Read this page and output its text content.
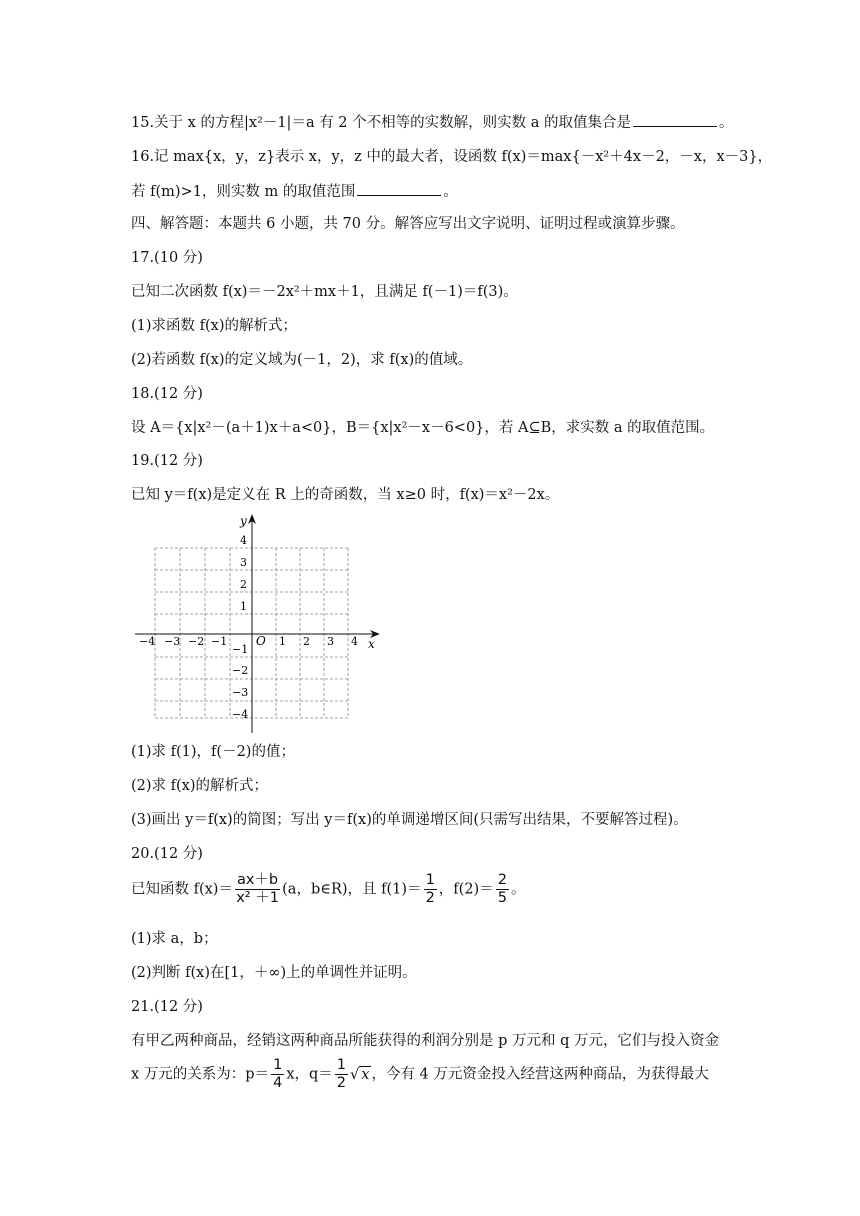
15.关于 x 的方程|x²－1|＝a 有 2 个不相等的实数解，则实数 a 的取值集合是	。
16.记 max{x，y，z}表示 x，y，z 中的最大者，设函数 f(x)＝max{－x²＋4x－2，－x，x－3}，
若 f(m)>1，则实数 m 的取值范围	。
四、解答题：本题共 6 小题，共 70 分。解答应写出文字说明、证明过程或演算步骤。
17.(10 分)
已知二次函数 f(x)＝－2x²＋mx＋1，且满足 f(－1)＝f(3)。
(1)求函数 f(x)的解析式；
(2)若函数 f(x)的定义域为(－1，2)，求 f(x)的值域。
18.(12 分)
设 A＝{x|x²－(a＋1)x＋a<0}，B＝{x|x²－x－6<0}，若 A⊆B，求实数 a 的取值范围。
19.(12 分)
已知 y＝f(x)是定义在 R 上的奇函数，当 x≥0 时，f(x)＝x²－2x。
y
x
O
−4 −3 −2 −1	1 2 3 4
4
3
2
1
−1
−2
−3
−4
(1)求 f(1)，f(－2)的值；
(2)求 f(x)的解析式；
(3)画出 y＝f(x)的简图；写出 y＝f(x)的单调递增区间(只需写出结果，不要解答过程)。
20.(12 分)
已知函数 $f(x)= \frac{ax+b}{\text{x² ＋1}} (a$，b∈R)，且 $f(1)= \frac{1}{2}$ ，$f(2)= \frac{2}{5}$ 。
(1)求 a，b；
(2)判断 f(x)在[1，＋∞)上的单调性并证明。
21.(12 分)
有甲乙两种商品，经销这两种商品所能获得的利润分别是 p 万元和 q 万元，它们与投入资金
x 万元的关系为：$p= \frac{1}{4}$ x，$q= \frac{1}{2}$ √ x ，今有 4 万元资金投入经营这两种商品，为获得最大
